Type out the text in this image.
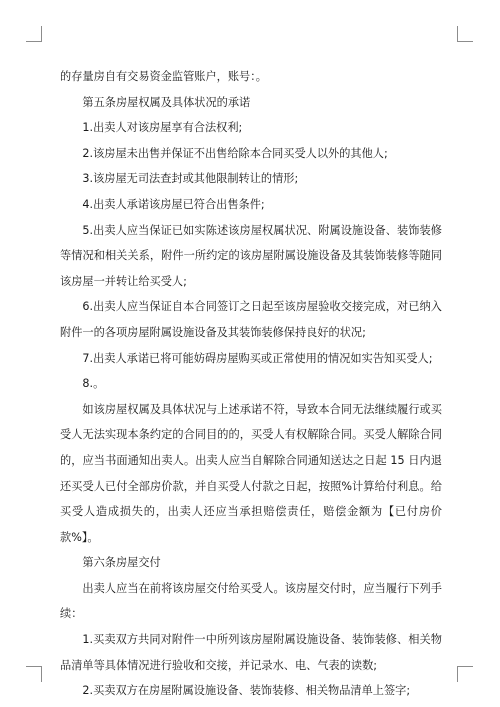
的存量房自有交易资金监管账户，账号：。

第五条房屋权属及具体状况的承诺

1.出卖人对该房屋享有合法权利;

2.该房屋未出售并保证不出售给除本合同买受人以外的其他人;

3.该房屋无司法查封或其他限制转让的情形;

4.出卖人承诺该房屋已符合出售条件;

5.出卖人应当保证已如实陈述该房屋权属状况、附属设施设备、装饰装修等情况和相关关系，附件一所约定的该房屋附属设施设备及其装饰装修等随同该房屋一并转让给买受人;

6.出卖人应当保证自本合同签订之日起至该房屋验收交接完成，对已纳入附件一的各项房屋附属设施设备及其装饰装修保持良好的状况;

7.出卖人承诺已将可能妨碍房屋购买或正常使用的情况如实告知买受人;

8.。

如该房屋权属及具体状况与上述承诺不符，导致本合同无法继续履行或买受人无法实现本条约定的合同目的的，买受人有权解除合同。买受人解除合同的，应当书面通知出卖人。出卖人应当自解除合同通知送达之日起 15 日内退还买受人已付全部房价款，并自买受人付款之日起，按照%计算给付利息。给买受人造成损失的，出卖人还应当承担赔偿责任，赔偿金额为【已付房价款%】。

第六条房屋交付

出卖人应当在前将该房屋交付给买受人。该房屋交付时，应当履行下列手续：

1.买卖双方共同对附件一中所列该房屋附属设施设备、装饰装修、相关物品清单等具体情况进行验收和交接，并记录水、电、气表的读数;

2.买卖双方在房屋附属设施设备、装饰装修、相关物品清单上签字;
